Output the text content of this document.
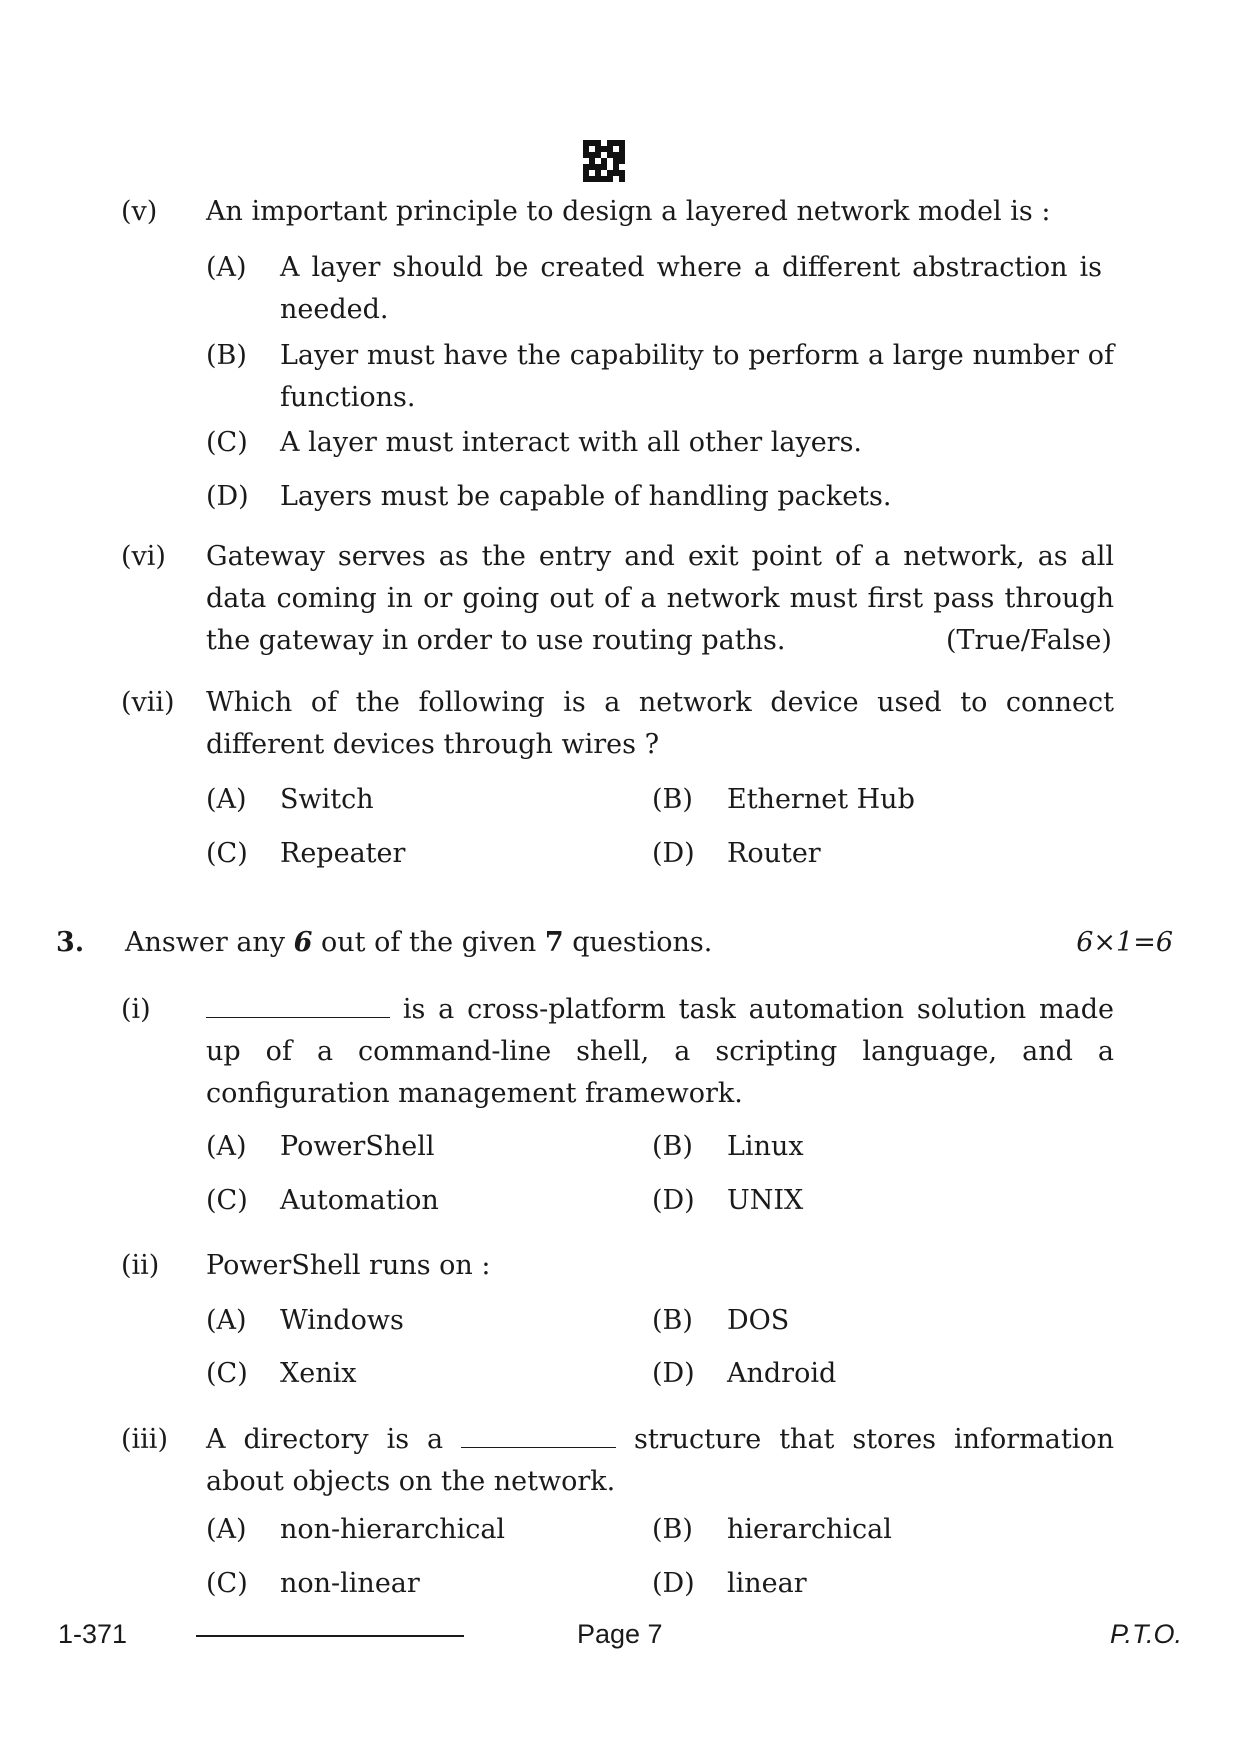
(v) An important principle to design a layered network model is :
(A) A layer should be created where a different abstraction is needed.
(B) Layer must have the capability to perform a large number of functions.
(C) A layer must interact with all other layers.
(D) Layers must be capable of handling packets.
(vi) Gateway serves as the entry and exit point of a network, as all data coming in or going out of a network must first pass through the gateway in order to use routing paths.	(True/False)
(vii) Which of the following is a network device used to connect different devices through wires ?
(A) Switch	(B) Ethernet Hub
(C) Repeater	(D) Router
3. Answer any 6 out of the given 7 questions.	6×1=6
(i)	is a cross-platform task automation solution made up of a command-line shell, a scripting language, and a configuration management framework.
(A) PowerShell	(B) Linux
(C) Automation	(D) UNIX
(ii) PowerShell runs on :
(A) Windows	(B) DOS
(C) Xenix	(D) Android
(iii) A directory is a	structure that stores information about objects on the network.
(A) non-hierarchical	(B) hierarchical
(C) non-linear	(D) linear
1-371	Page 7	P.T.O.
